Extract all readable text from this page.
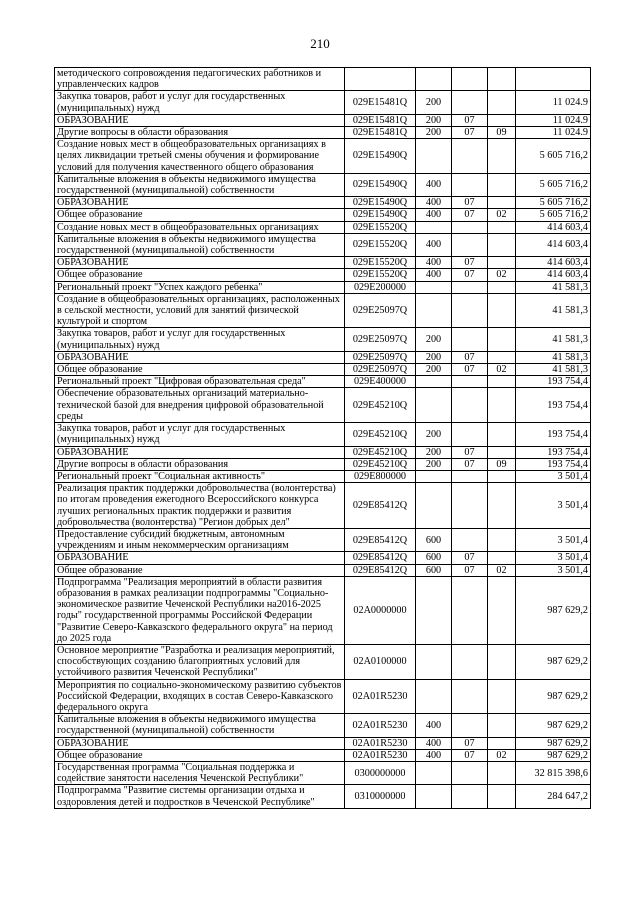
210
методического сопровождения педагогических работников и управленческих кадров					
Закупка товаров, работ и услуг для государственных (муниципальных) нужд	029E15481Q	200			11 024.9
ОБРАЗОВАНИЕ	029E15481Q	200	07		11 024.9
Другие вопросы в области образования	029E15481Q	200	07	09	11 024.9
Создание новых мест в общеобразовательных организациях в целях ликвидации третьей смены обучения и формирование условий для получения качественного общего образования	029E15490Q				5 605 716,2
Капитальные вложения в объекты недвижимого имущества государственной (муниципальной) собственности	029E15490Q	400			5 605 716,2
ОБРАЗОВАНИЕ	029E15490Q	400	07		5 605 716,2
Общее образование	029E15490Q	400	07	02	5 605 716,2
Создание новых мест в общеобразовательных организациях	029E15520Q				414 603,4
Капитальные вложения в объекты недвижимого имущества государственной (муниципальной) собственности	029E15520Q	400			414 603,4
ОБРАЗОВАНИЕ	029E15520Q	400	07		414 603,4
Общее образование	029E15520Q	400	07	02	414 603,4
Региональный проект "Успех каждого ребенка"	029E200000				41 581,3
Создание в общеобразовательных организациях, расположенных в сельской местности, условий для занятий физической культурой и спортом	029E25097Q				41 581,3
Закупка товаров, работ и услуг для государственных (муниципальных) нужд	029E25097Q	200			41 581,3
ОБРАЗОВАНИЕ	029E25097Q	200	07		41 581,3
Общее образование	029E25097Q	200	07	02	41 581,3
Региональный проект "Цифровая образовательная среда"	029E400000				193 754,4
Обеспечение образовательных организаций материально-технической базой для внедрения цифровой образовательной среды	029E45210Q				193 754,4
Закупка товаров, работ и услуг для государственных (муниципальных) нужд	029E45210Q	200			193 754,4
ОБРАЗОВАНИЕ	029E45210Q	200	07		193 754,4
Другие вопросы в области образования	029E45210Q	200	07	09	193 754,4
Региональный проект "Социальная активность"	029E800000				3 501,4
Реализация практик поддержки добровольчества (волонтерства) по итогам проведения ежегодного Всероссийского конкурса лучших региональных практик поддержки и развития добровольчества (волонтерства) "Регион добрых дел"	029E85412Q				3 501,4
Предоставление субсидий бюджетным, автономным учреждениям и иным некоммерческим организациям	029E85412Q	600			3 501,4
ОБРАЗОВАНИЕ	029E85412Q	600	07		3 501,4
Общее образование	029E85412Q	600	07	02	3 501,4
Подпрограмма "Реализация мероприятий в области развития образования в рамках реализации подпрограммы "Социально-экономическое развитие Чеченской Республики на2016-2025 годы" государственной программы Российской Федерации "Развитие Северо-Кавказского федерального округа" на период до 2025 года	02А0000000				987 629,2
Основное мероприятие "Разработка и реализация мероприятий, способствующих созданию благоприятных условий для устойчивого развития Чеченской Республики"	02А0100000				987 629,2
Мероприятия по социально-экономическому развитию субъектов Российской Федерации, входящих в состав Северо-Кавказского федерального округа	02А01R5230				987 629,2
Капитальные вложения в объекты недвижимого имущества государственной (муниципальной) собственности	02А01R5230	400			987 629,2
ОБРАЗОВАНИЕ	02А01R5230	400	07		987 629,2
Общее образование	02А01R5230	400	07	02	987 629,2
Государственная программа "Социальная поддержка и содействие занятости населения Чеченской Республики"	0300000000				32 815 398,6
Подпрограмма "Развитие системы организации отдыха и оздоровления детей и подростков в Чеченской Республике"	0310000000				284 647,2
